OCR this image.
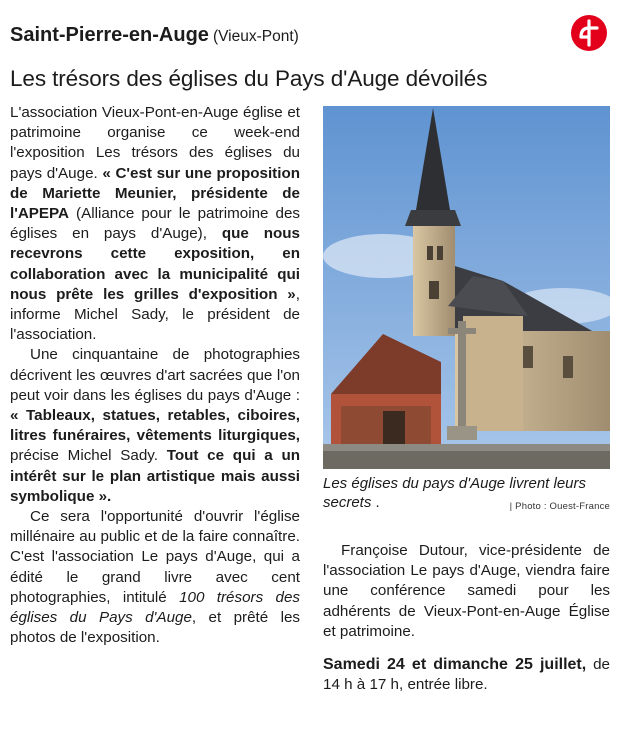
Saint-Pierre-en-Auge (Vieux-Pont)
Les trésors des églises du Pays d'Auge dévoilés

L'association Vieux-Pont-en-Auge église et patrimoine organise ce week-end l'exposition Les trésors des églises du pays d'Auge. « C'est sur une proposition de Mariette Meunier, présidente de l'APEPA (Alliance pour le patrimoine des églises en pays d'Auge), que nous recevrons cette exposition, en collaboration avec la municipalité qui nous prête les grilles d'exposition », informe Michel Sady, le président de l'association.

Une cinquantaine de photographies décrivent les œuvres d'art sacrées que l'on peut voir dans les églises du pays d'Auge : « Tableaux, statues, retables, ciboires, litres funéraires, vêtements liturgiques, précise Michel Sady. Tout ce qui a un intérêt sur le plan artistique mais aussi symbolique ».

Ce sera l'opportunité d'ouvrir l'église millénaire au public et de la faire connaître. C'est l'association Le pays d'Auge, qui a édité le grand livre avec cent photographies, intitulé 100 trésors des églises du Pays d'Auge, et prêté les photos de l'exposition.

Les églises du pays d'Auge livrent leurs secrets .	| Photo : Ouest-France

Françoise Dutour, vice-présidente de l'association Le pays d'Auge, viendra faire une conférence samedi pour les adhérents de Vieux-Pont-en-Auge Église et patrimoine.

Samedi 24 et dimanche 25 juillet, de 14 h à 17 h, entrée libre.
